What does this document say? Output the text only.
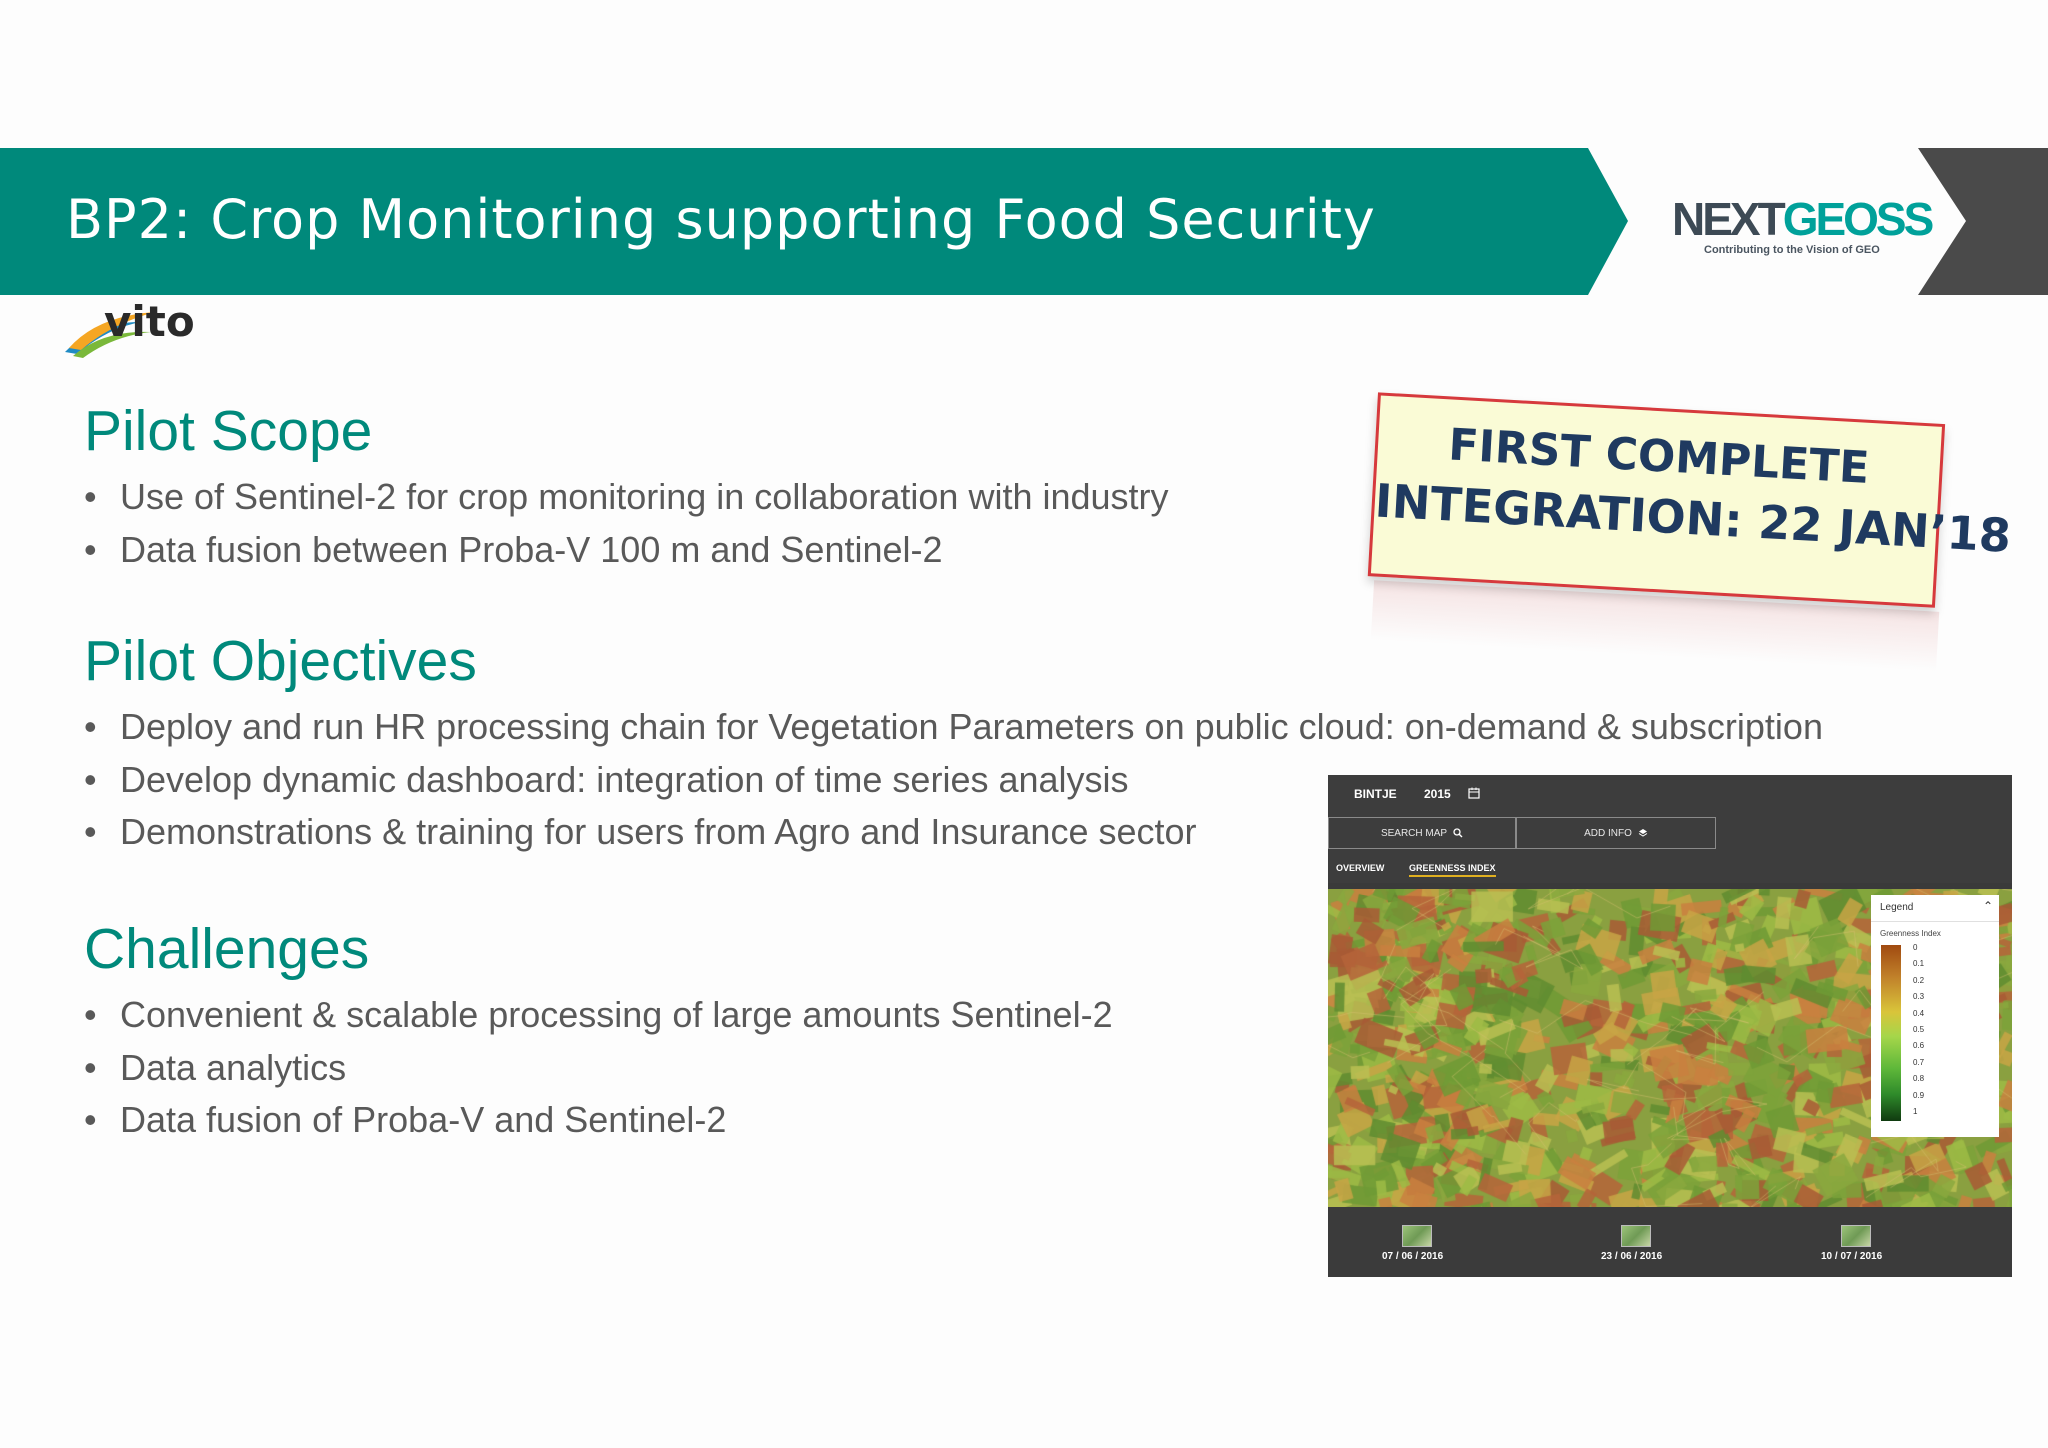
BP2: Crop Monitoring supporting Food Security	NEXTGEOSS
Contributing to the Vision of GEO
vito
Pilot Scope
• Use of Sentinel-2 for crop monitoring in collaboration with industry
• Data fusion between Proba-V 100 m and Sentinel-2
Pilot Objectives
• Deploy and run HR processing chain for Vegetation Parameters on public cloud: on-demand & subscription
• Develop dynamic dashboard: integration of time series analysis
• Demonstrations & training for users from Agro and Insurance sector
Challenges
• Convenient & scalable processing of large amounts Sentinel-2
• Data analytics
• Data fusion of Proba-V and Sentinel-2
FIRST COMPLETE
INTEGRATION: 22 JAN’18
BINTJE 2015
SEARCH MAP	ADD INFO
OVERVIEW	GREENNESS INDEX
Legend	⌃
Greenness Index
0
0.1
0.2
0.3
0.4
0.5
0.6
0.7
0.8
0.9
1
07 / 06 / 2016	23 / 06 / 2016	10 / 07 / 2016
